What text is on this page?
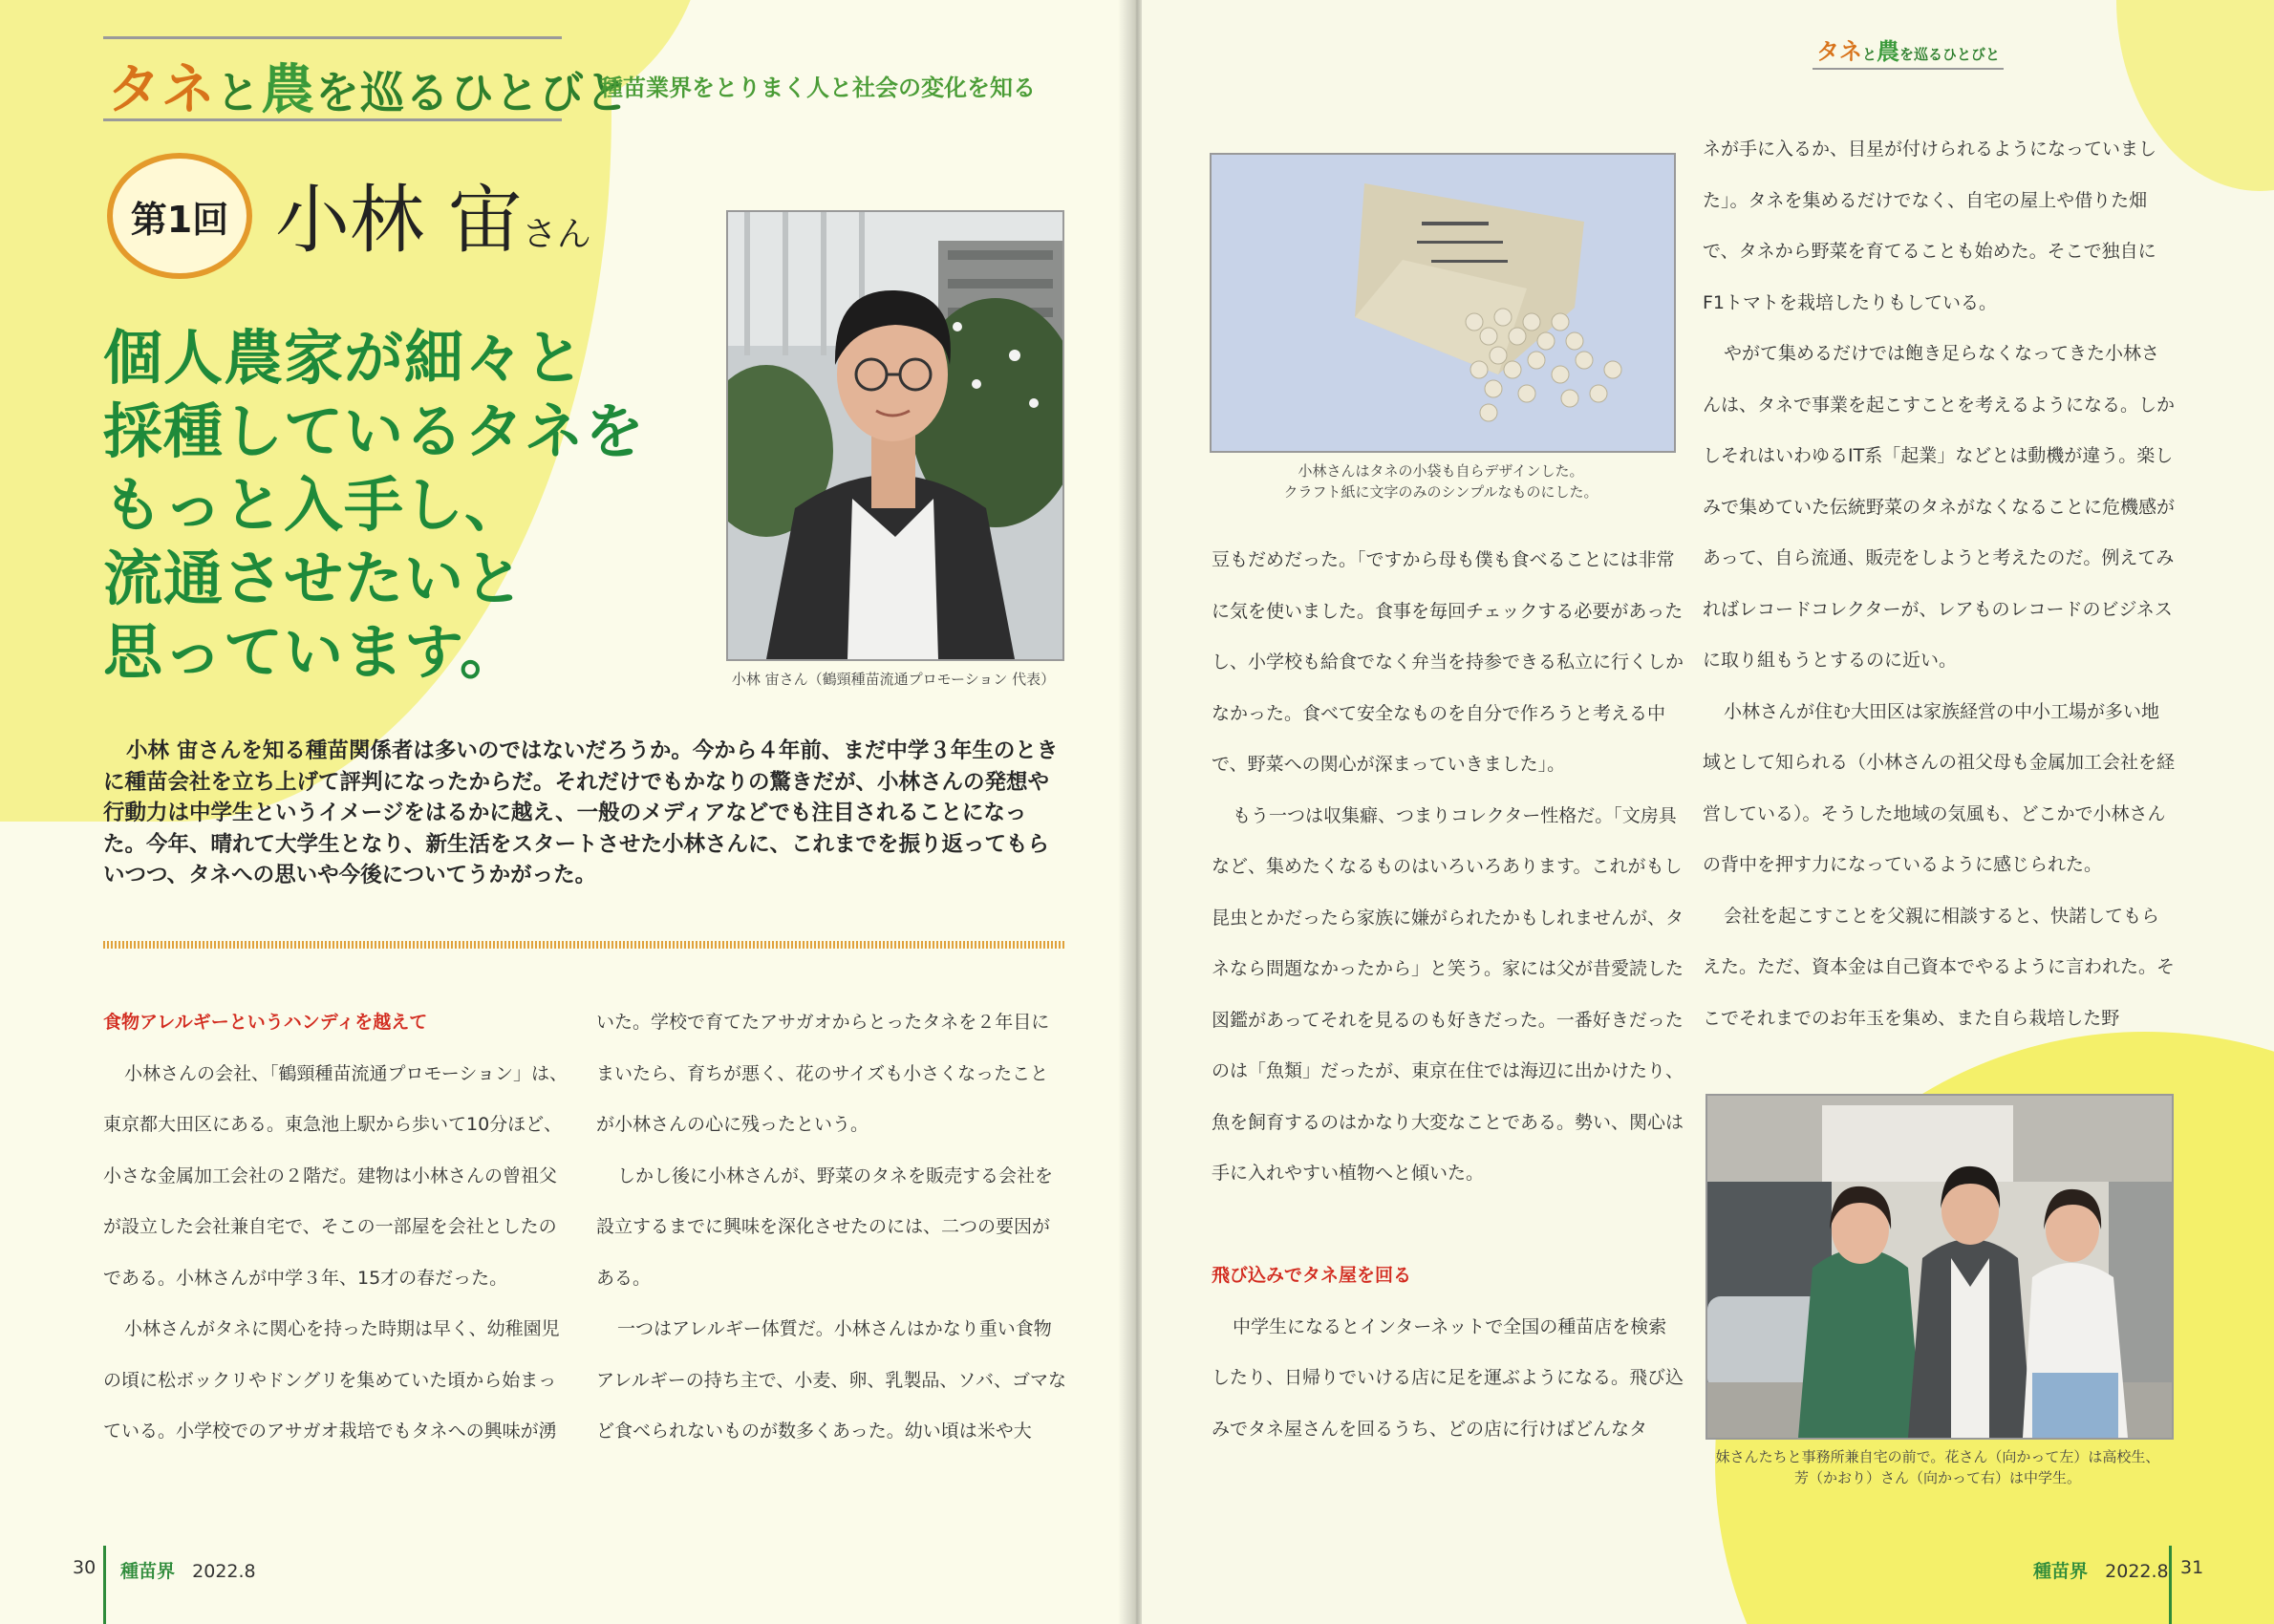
タネと農を巡るひとびと
種苗業界をとりまく人と社会の変化を知る
第1回 小林 宙さん
個人農家が細々と
採種しているタネを
もっと入手し、
流通させたいと
思っています。	小林 宙さん（鶴頸種苗流通プロモーション 代表）
小林 宙さんを知る種苗関係者は多いのではないだろうか。今から４年前、まだ中学３年生のときに種苗会社を立ち上げて評判になったからだ。それだけでもかなりの驚きだが、小林さんの発想や行動力は中学生というイメージをはるかに越え、一般のメディアなどでも注目されることになった。今年、晴れて大学生となり、新生活をスタートさせた小林さんに、これまでを振り返ってもらいつつ、タネへの思いや今後についてうかがった。

食物アレルギーというハンディを越えて

小林さんの会社、「鶴頸種苗流通プロモーション」は、東京都大田区にある。東急池上駅から歩いて10分ほど、小さな金属加工会社の２階だ。建物は小林さんの曾祖父が設立した会社兼自宅で、そこの一部屋を会社としたのである。小林さんが中学３年、15才の春だった。

小林さんがタネに関心を持った時期は早く、幼稚園児の頃に松ボックリやドングリを集めていた頃から始まっている。小学校でのアサガオ栽培でもタネへの興味が湧

いた。学校で育てたアサガオからとったタネを２年目にまいたら、育ちが悪く、花のサイズも小さくなったことが小林さんの心に残ったという。

しかし後に小林さんが、野菜のタネを販売する会社を設立するまでに興味を深化させたのには、二つの要因がある。

一つはアレルギー体質だ。小林さんはかなり重い食物アレルギーの持ち主で、小麦、卵、乳製品、ソバ、ゴマなど食べられないものが数多くあった。幼い頃は米や大

30 種苗界 2022.8
タネと農を巡るひとびと
小林さんはタネの小袋も自らデザインした。
クラフト紙に文字のみのシンプルなものにした。

豆もだめだった。「ですから母も僕も食べることには非常に気を使いました。食事を毎回チェックする必要があったし、小学校も給食でなく弁当を持参できる私立に行くしかなかった。食べて安全なものを自分で作ろうと考える中で、野菜への関心が深まっていきました」。

もう一つは収集癖、つまりコレクター性格だ。「文房具など、集めたくなるものはいろいろあります。これがもし昆虫とかだったら家族に嫌がられたかもしれませんが、タネなら問題なかったから」と笑う。家には父が昔愛読した図鑑があってそれを見るのも好きだった。一番好きだったのは「魚類」だったが、東京在住では海辺に出かけたり、魚を飼育するのはかなり大変なことである。勢い、関心は手に入れやすい植物へと傾いた。

飛び込みでタネ屋を回る

中学生になるとインターネットで全国の種苗店を検索したり、日帰りでいける店に足を運ぶようになる。飛び込みでタネ屋さんを回るうち、どの店に行けばどんなタ

ネが手に入るか、目星が付けられるようになっていました」。タネを集めるだけでなく、自宅の屋上や借りた畑で、タネから野菜を育てることも始めた。そこで独自にF1トマトを栽培したりもしている。

やがて集めるだけでは飽き足らなくなってきた小林さんは、タネで事業を起こすことを考えるようになる。しかしそれはいわゆるIT系「起業」などとは動機が違う。楽しみで集めていた伝統野菜のタネがなくなることに危機感があって、自ら流通、販売をしようと考えたのだ。例えてみればレコードコレクターが、レアものレコードのビジネスに取り組もうとするのに近い。

小林さんが住む大田区は家族経営の中小工場が多い地域として知られる（小林さんの祖父母も金属加工会社を経営している）。そうした地域の気風も、どこかで小林さんの背中を押す力になっているように感じられた。

会社を起こすことを父親に相談すると、快諾してもらえた。ただ、資本金は自己資本でやるように言われた。そこでそれまでのお年玉を集め、また自ら栽培した野

妹さんたちと事務所兼自宅の前で。花さん（向かって左）は高校生、
芳（かおり）さん（向かって右）は中学生。
種苗界 2022.8 31
